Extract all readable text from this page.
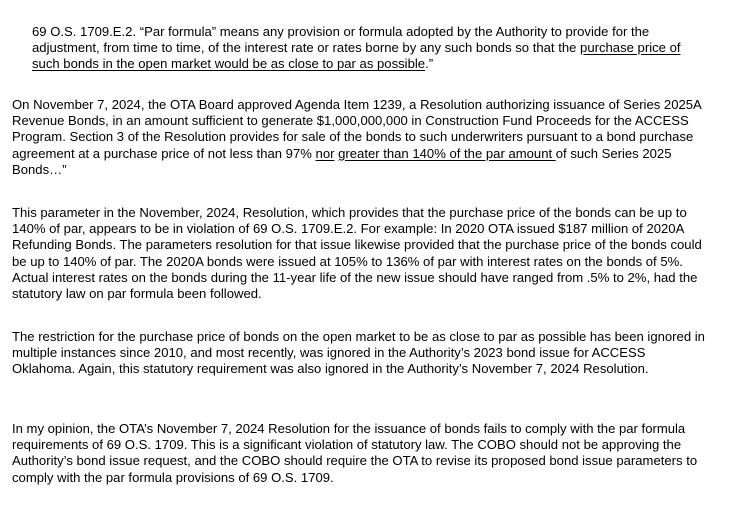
69 O.S. 1709.E.2. “Par formula” means any provision or formula adopted by the Authority to provide for the adjustment, from time to time, of the interest rate or rates borne by any such bonds so that the purchase price of such bonds in the open market would be as close to par as possible.”

On November 7, 2024, the OTA Board approved Agenda Item 1239, a Resolution authorizing issuance of Series 2025A Revenue Bonds, in an amount sufficient to generate $1,000,000,000 in Construction Fund Proceeds for the ACCESS Program. Section 3 of the Resolution provides for sale of the bonds to such underwriters pursuant to a bond purchase agreement at a purchase price of not less than 97% nor greater than 140% of the par amount of such Series 2025 Bonds…”

This parameter in the November, 2024, Resolution, which provides that the purchase price of the bonds can be up to 140% of par, appears to be in violation of 69 O.S. 1709.E.2. For example: In 2020 OTA issued $187 million of 2020A Refunding Bonds. The parameters resolution for that issue likewise provided that the purchase price of the bonds could be up to 140% of par. The 2020A bonds were issued at 105% to 136% of par with interest rates on the bonds of 5%. Actual interest rates on the bonds during the 11-year life of the new issue should have ranged from .5% to 2%, had the statutory law on par formula been followed.

The restriction for the purchase price of bonds on the open market to be as close to par as possible has been ignored in multiple instances since 2010, and most recently, was ignored in the Authority’s 2023 bond issue for ACCESS Oklahoma. Again, this statutory requirement was also ignored in the Authority’s November 7, 2024 Resolution.

In my opinion, the OTA’s November 7, 2024 Resolution for the issuance of bonds fails to comply with the par formula requirements of 69 O.S. 1709. This is a significant violation of statutory law. The COBO should not be approving the Authority’s bond issue request, and the COBO should require the OTA to revise its proposed bond issue parameters to comply with the par formula provisions of 69 O.S. 1709.
